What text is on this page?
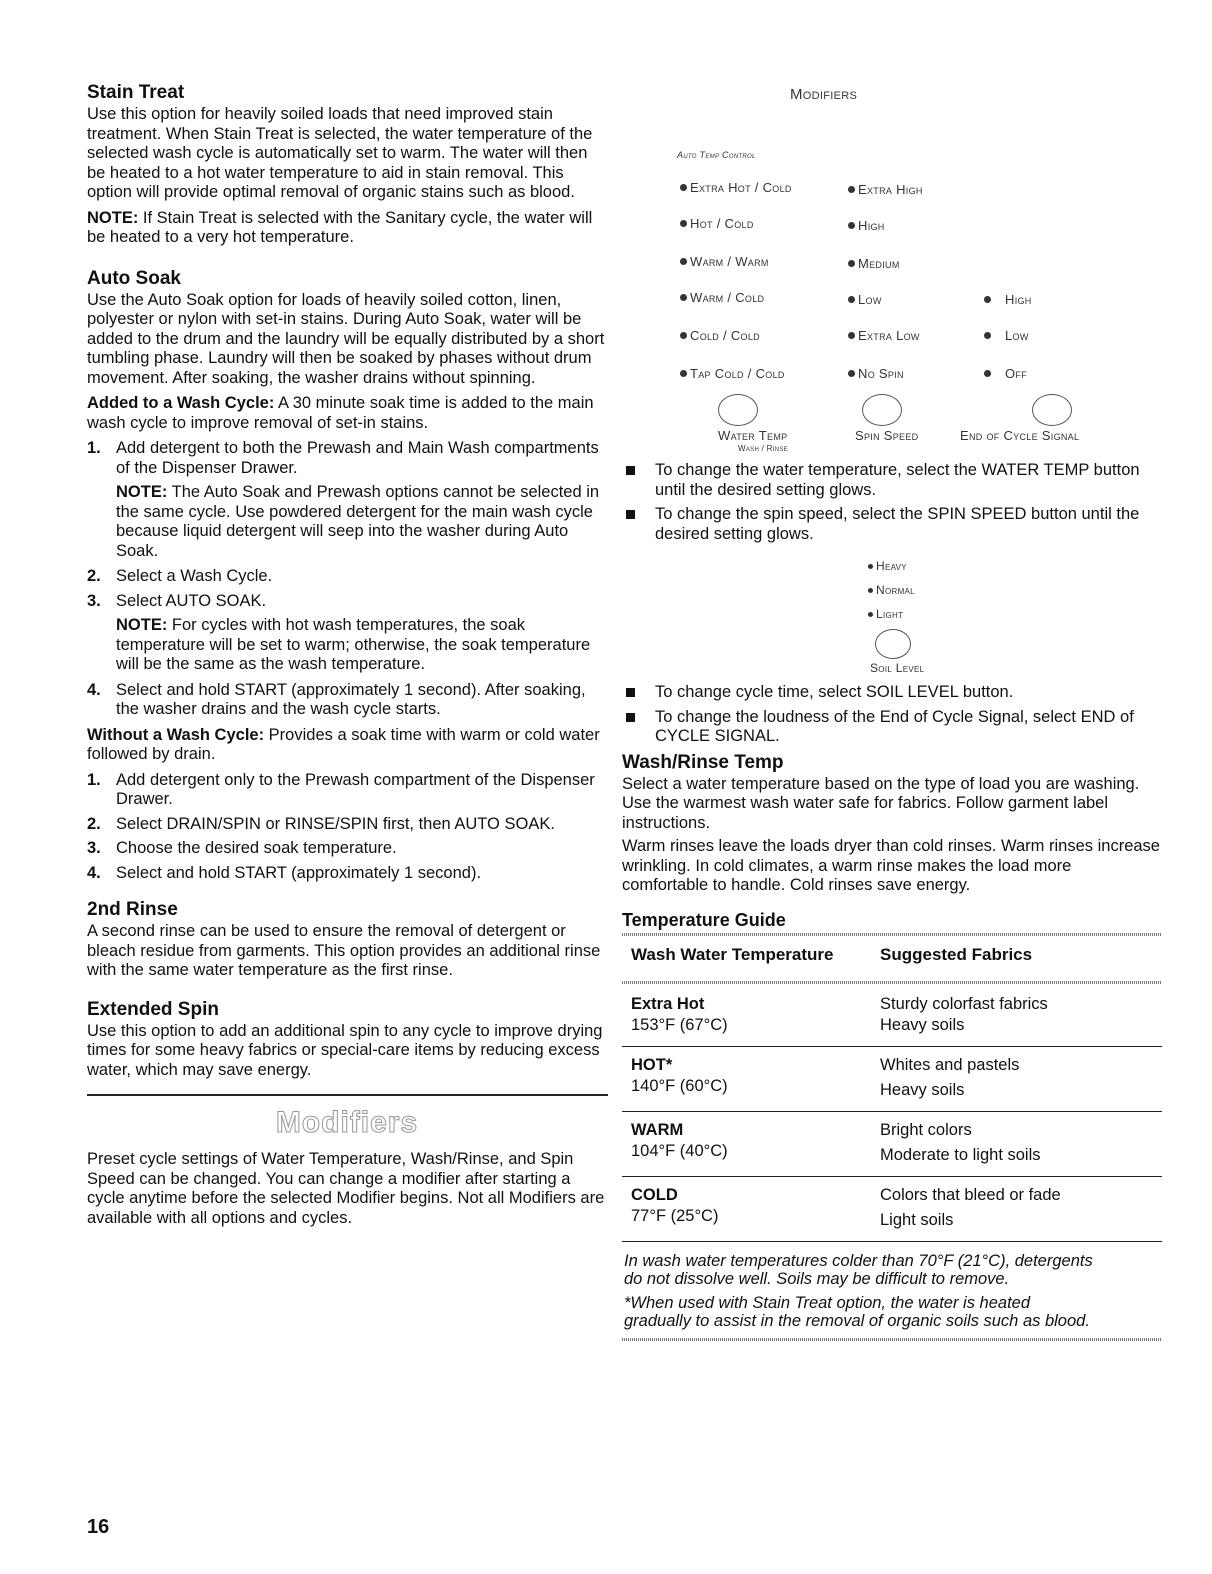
Stain Treat
Use this option for heavily soiled loads that need improved stain treatment. When Stain Treat is selected, the water temperature of the selected wash cycle is automatically set to warm. The water will then be heated to a hot water temperature to aid in stain removal. This option will provide optimal removal of organic stains such as blood.
NOTE: If Stain Treat is selected with the Sanitary cycle, the water will be heated to a very hot temperature.
Auto Soak
Use the Auto Soak option for loads of heavily soiled cotton, linen, polyester or nylon with set-in stains. During Auto Soak, water will be added to the drum and the laundry will be equally distributed by a short tumbling phase. Laundry will then be soaked by phases without drum movement. After soaking, the washer drains without spinning.
Added to a Wash Cycle: A 30 minute soak time is added to the main wash cycle to improve removal of set-in stains.
1. Add detergent to both the Prewash and Main Wash compartments of the Dispenser Drawer.
NOTE: The Auto Soak and Prewash options cannot be selected in the same cycle. Use powdered detergent for the main wash cycle because liquid detergent will seep into the washer during Auto Soak.
2. Select a Wash Cycle.
3. Select AUTO SOAK.
NOTE: For cycles with hot wash temperatures, the soak temperature will be set to warm; otherwise, the soak temperature will be the same as the wash temperature.
4. Select and hold START (approximately 1 second). After soaking, the washer drains and the wash cycle starts.
Without a Wash Cycle: Provides a soak time with warm or cold water followed by drain.
1. Add detergent only to the Prewash compartment of the Dispenser Drawer.
2. Select DRAIN/SPIN or RINSE/SPIN first, then AUTO SOAK.
3. Choose the desired soak temperature.
4. Select and hold START (approximately 1 second).
2nd Rinse
A second rinse can be used to ensure the removal of detergent or bleach residue from garments. This option provides an additional rinse with the same water temperature as the first rinse.
Extended Spin
Use this option to add an additional spin to any cycle to improve drying times for some heavy fabrics or special-care items by reducing excess water, which may save energy.
Modifiers
Preset cycle settings of Water Temperature, Wash/Rinse, and Spin Speed can be changed. You can change a modifier after starting a cycle anytime before the selected Modifier begins. Not all Modifiers are available with all options and cycles.
Modifiers
Auto Temp Control
Extra Hot / Cold
Hot / Cold
Warm / Warm
Warm / Cold
Cold / Cold
Tap Cold / Cold
Extra High
High
Medium
Low
Extra Low
No Spin
High
Low
Off
Water Temp
Wash / Rinse
Spin Speed	End of Cycle Signal
To change the water temperature, select the WATER TEMP button until the desired setting glows.
To change the spin speed, select the SPIN SPEED button until the desired setting glows.
Heavy
Normal
Light
Soil Level
To change cycle time, select SOIL LEVEL button.
To change the loudness of the End of Cycle Signal, select END of CYCLE SIGNAL.
Wash/Rinse Temp
Select a water temperature based on the type of load you are washing. Use the warmest wash water safe for fabrics. Follow garment label instructions.
Warm rinses leave the loads dryer than cold rinses. Warm rinses increase wrinkling. In cold climates, a warm rinse makes the load more comfortable to handle. Cold rinses save energy.
Temperature Guide
Wash Water Temperature	Suggested Fabrics
Extra Hot
153°F (67°C)
Sturdy colorfast fabrics
Heavy soils
HOT*
140°F (60°C)
Whites and pastels
Heavy soils
WARM
104°F (40°C)
Bright colors
Moderate to light soils
COLD
77°F (25°C)
Colors that bleed or fade
Light soils
In wash water temperatures colder than 70°F (21°C), detergents do not dissolve well. Soils may be difficult to remove.
*When used with Stain Treat option, the water is heated gradually to assist in the removal of organic soils such as blood.
16
